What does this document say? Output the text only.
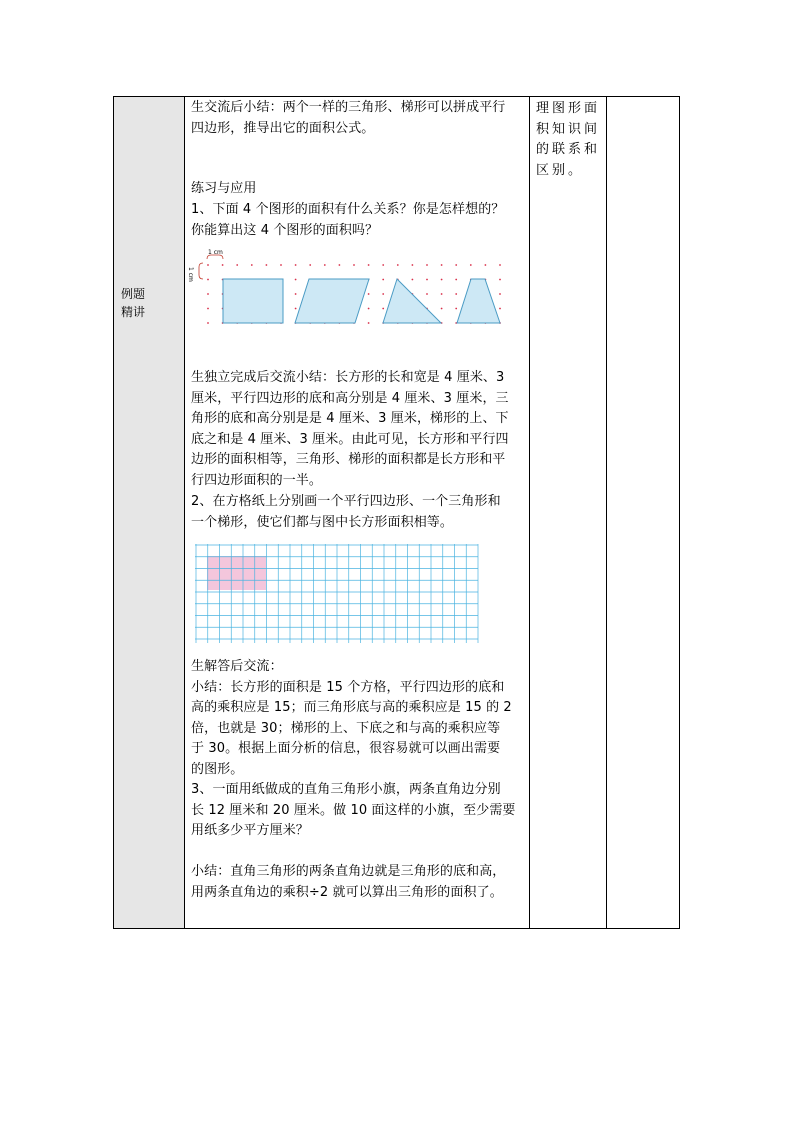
例题
精讲
生交流后小结：两个一样的三角形、梯形可以拼成平行
四边形，推导出它的面积公式。
练习与应用
1、下面 4 个图形的面积有什么关系？你是怎样想的？
你能算出这 4 个图形的面积吗？
1 cm
1 cm
生独立完成后交流小结：长方形的长和宽是 4 厘米、3
厘米，平行四边形的底和高分别是 4 厘米、3 厘米，三
角形的底和高分别是是 4 厘米、3 厘米，梯形的上、下
底之和是 4 厘米、3 厘米。由此可见，长方形和平行四
边形的面积相等，三角形、梯形的面积都是长方形和平
行四边形面积的一半。
2、在方格纸上分别画一个平行四边形、一个三角形和
一个梯形，使它们都与图中长方形面积相等。
生解答后交流：
小结：长方形的面积是 15 个方格，平行四边形的底和
高的乘积应是 15；而三角形底与高的乘积应是 15 的 2
倍，也就是 30；梯形的上、下底之和与高的乘积应等
于 30。根据上面分析的信息，很容易就可以画出需要
的图形。
3、一面用纸做成的直角三角形小旗，两条直角边分别
长 12 厘米和 20 厘米。做 10 面这样的小旗，至少需要
用纸多少平方厘米？
小结：直角三角形的两条直角边就是三角形的底和高，
用两条直角边的乘积÷2 就可以算出三角形的面积了。
理图形面
积知识间
的联系和
区别。
